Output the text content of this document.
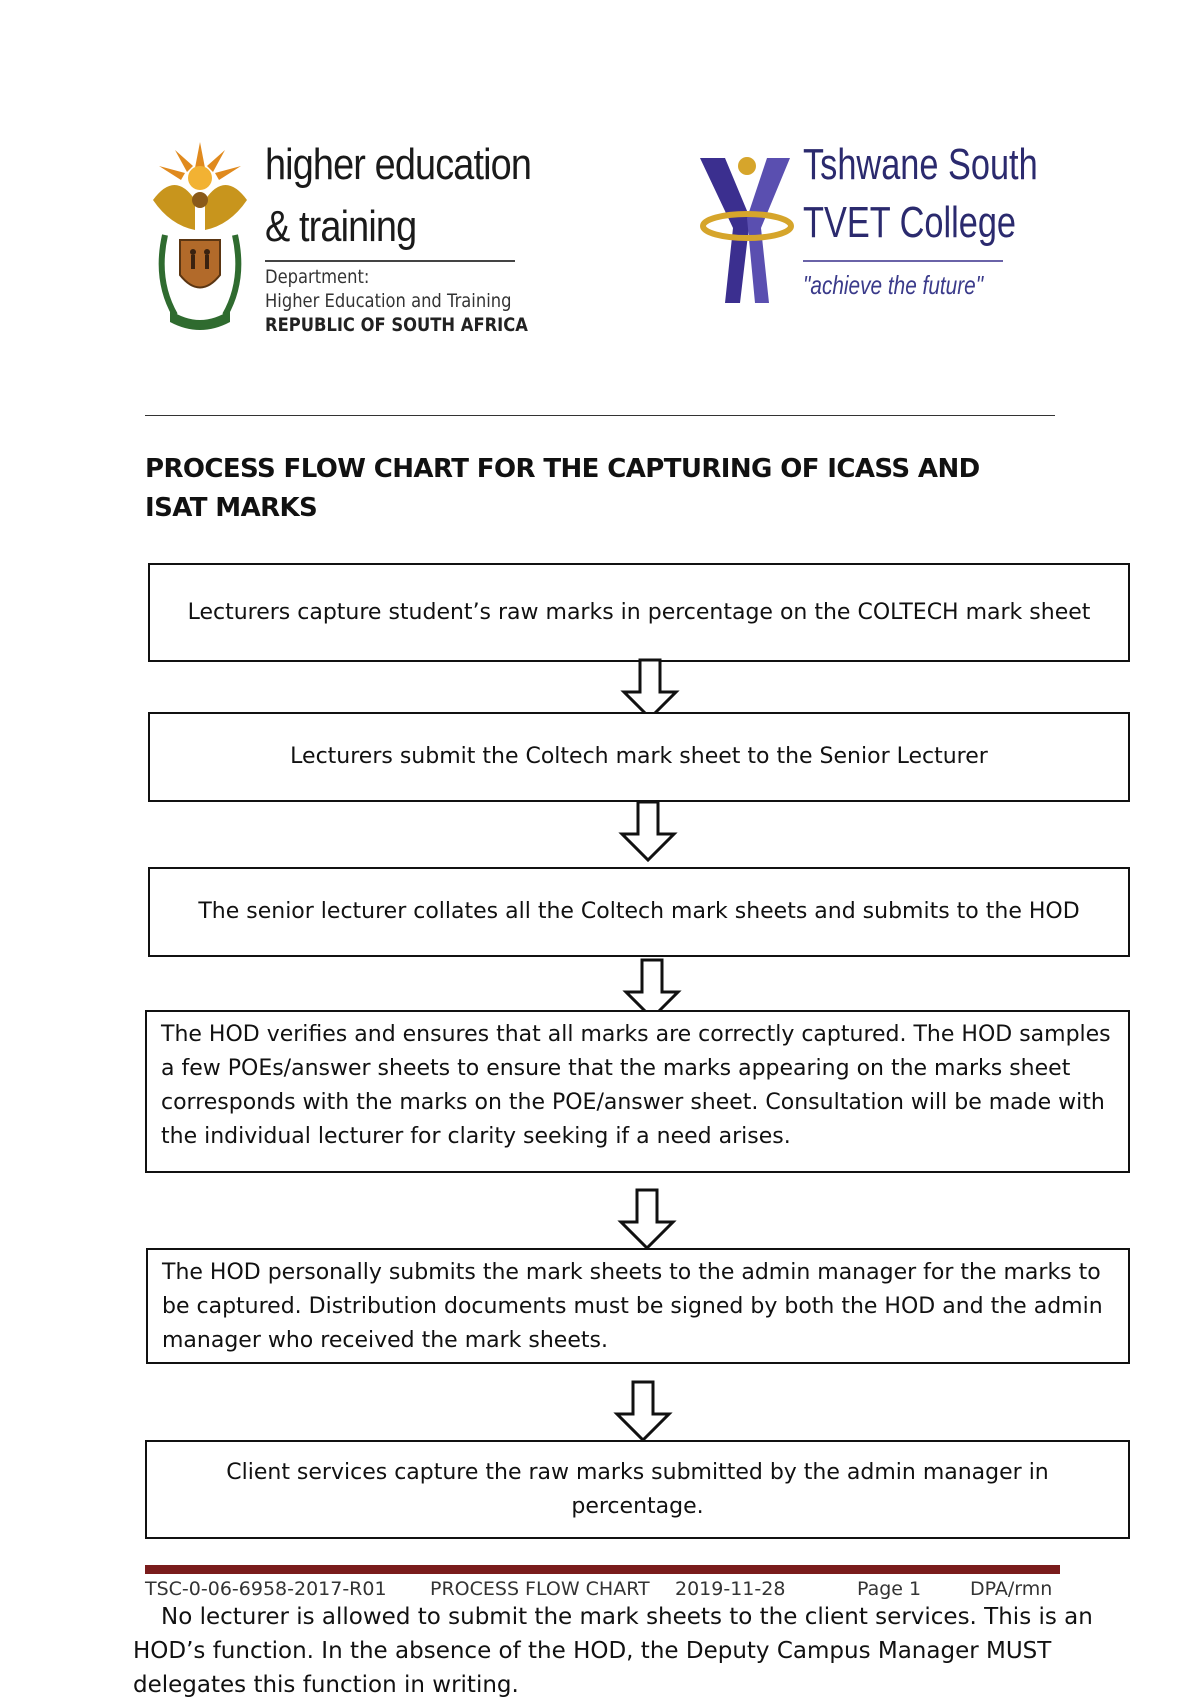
higher education
& training
Department:
Higher Education and Training
REPUBLIC OF SOUTH AFRICA
Tshwane South
TVET College
"achieve the future"
PROCESS FLOW CHART FOR THE CAPTURING OF ICASS AND ISAT MARKS
Lecturers capture student’s raw marks in percentage on the COLTECH mark sheet
Lecturers submit the Coltech mark sheet to the Senior Lecturer
The senior lecturer collates all the Coltech mark sheets and submits to the HOD
The HOD verifies and ensures that all marks are correctly captured. The HOD samples a few POEs/answer sheets to ensure that the marks appearing on the marks sheet corresponds with the marks on the POE/answer sheet. Consultation will be made with the individual lecturer for clarity seeking if a need arises.
The HOD personally submits the mark sheets to the admin manager for the marks to be captured. Distribution documents must be signed by both the HOD and the admin manager who received the mark sheets.
Client services capture the raw marks submitted by the admin manager in percentage.
TSC-0-06-6958-2017-R01 PROCESS FLOW CHART 2019-11-28	Page 1	DPA/rmn
No lecturer is allowed to submit the mark sheets to the client services. This is an HOD’s function. In the absence of the HOD, the Deputy Campus Manager MUST delegates this function in writing.
